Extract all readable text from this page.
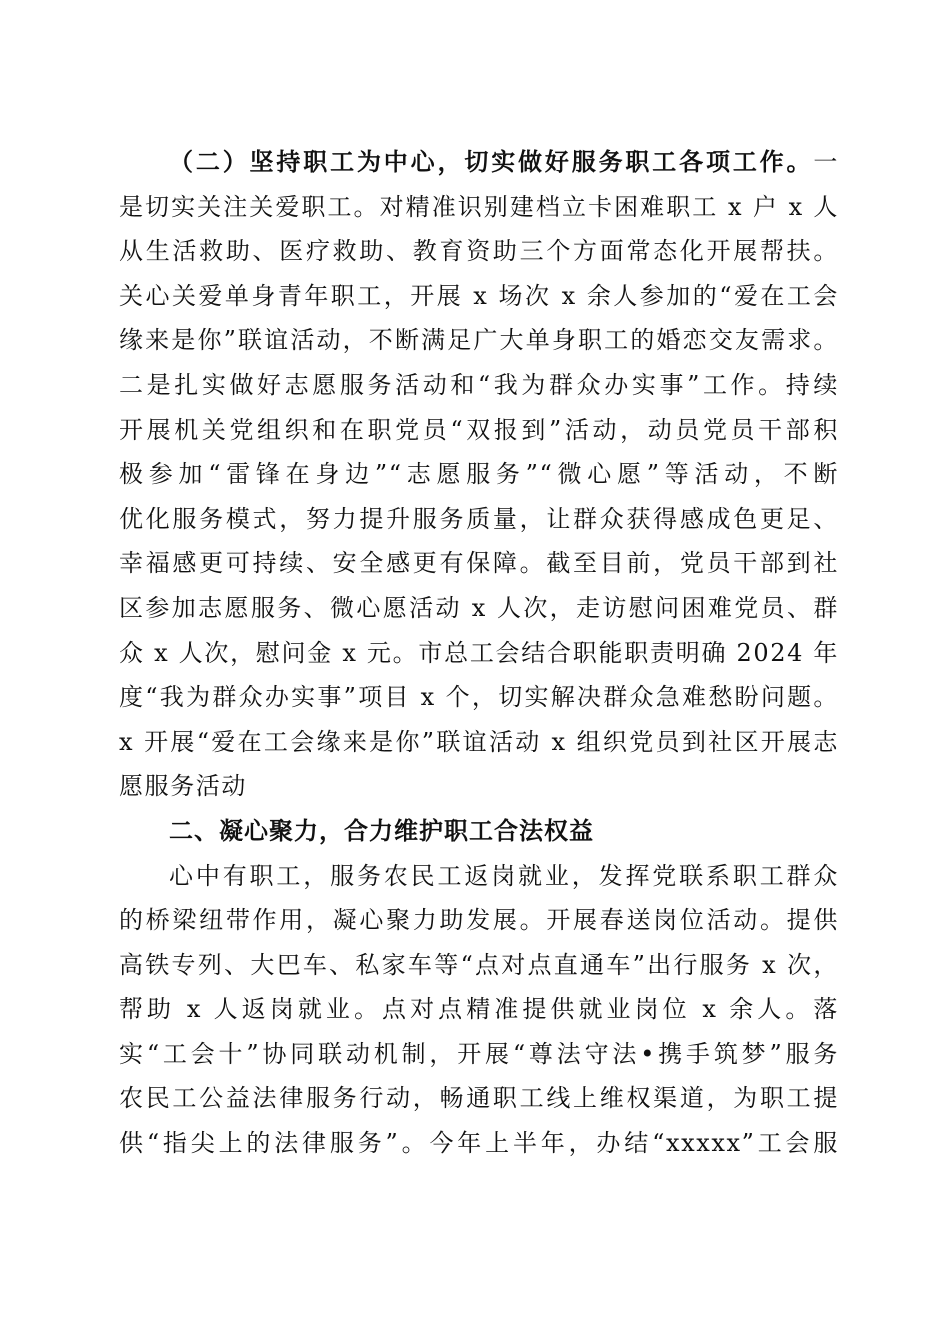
（二）坚持职工为中心，切实做好服务职工各项工作。一
是切实关注关爱职工。对精准识别建档立卡困难职工 x 户 x 人
从生活救助、医疗救助、教育资助三个方面常态化开展帮扶。
关心关爱单身青年职工，开展 x 场次 x 余人参加的“爱在工会
缘来是你”联谊活动，不断满足广大单身职工的婚恋交友需求。
二是扎实做好志愿服务活动和“我为群众办实事”工作。持续
开展机关党组织和在职党员“双报到”活动，动员党员干部积
极参加“雷锋在身边”“志愿服务”“微心愿”等活动，不断
优化服务模式，努力提升服务质量，让群众获得感成色更足、
幸福感更可持续、安全感更有保障。截至目前，党员干部到社
区参加志愿服务、微心愿活动 x 人次，走访慰问困难党员、群
众 x 人次，慰问金 x 元。市总工会结合职能职责明确 2024 年
度“我为群众办实事”项目 x 个，切实解决群众急难愁盼问题。
x 开展“爱在工会缘来是你”联谊活动 x 组织党员到社区开展志
愿服务活动
二、凝心聚力，合力维护职工合法权益
心中有职工，服务农民工返岗就业，发挥党联系职工群众
的桥梁纽带作用，凝心聚力助发展。开展春送岗位活动。提供
高铁专列、大巴车、私家车等“点对点直通车”出行服务 x 次，
帮助 x 人返岗就业。点对点精准提供就业岗位 x 余人。落
实“工会十”协同联动机制，开展“尊法守法•携手筑梦”服务
农民工公益法律服务行动，畅通职工线上维权渠道，为职工提
供“指尖上的法律服务”。今年上半年，办结“xxxxx”工会服
